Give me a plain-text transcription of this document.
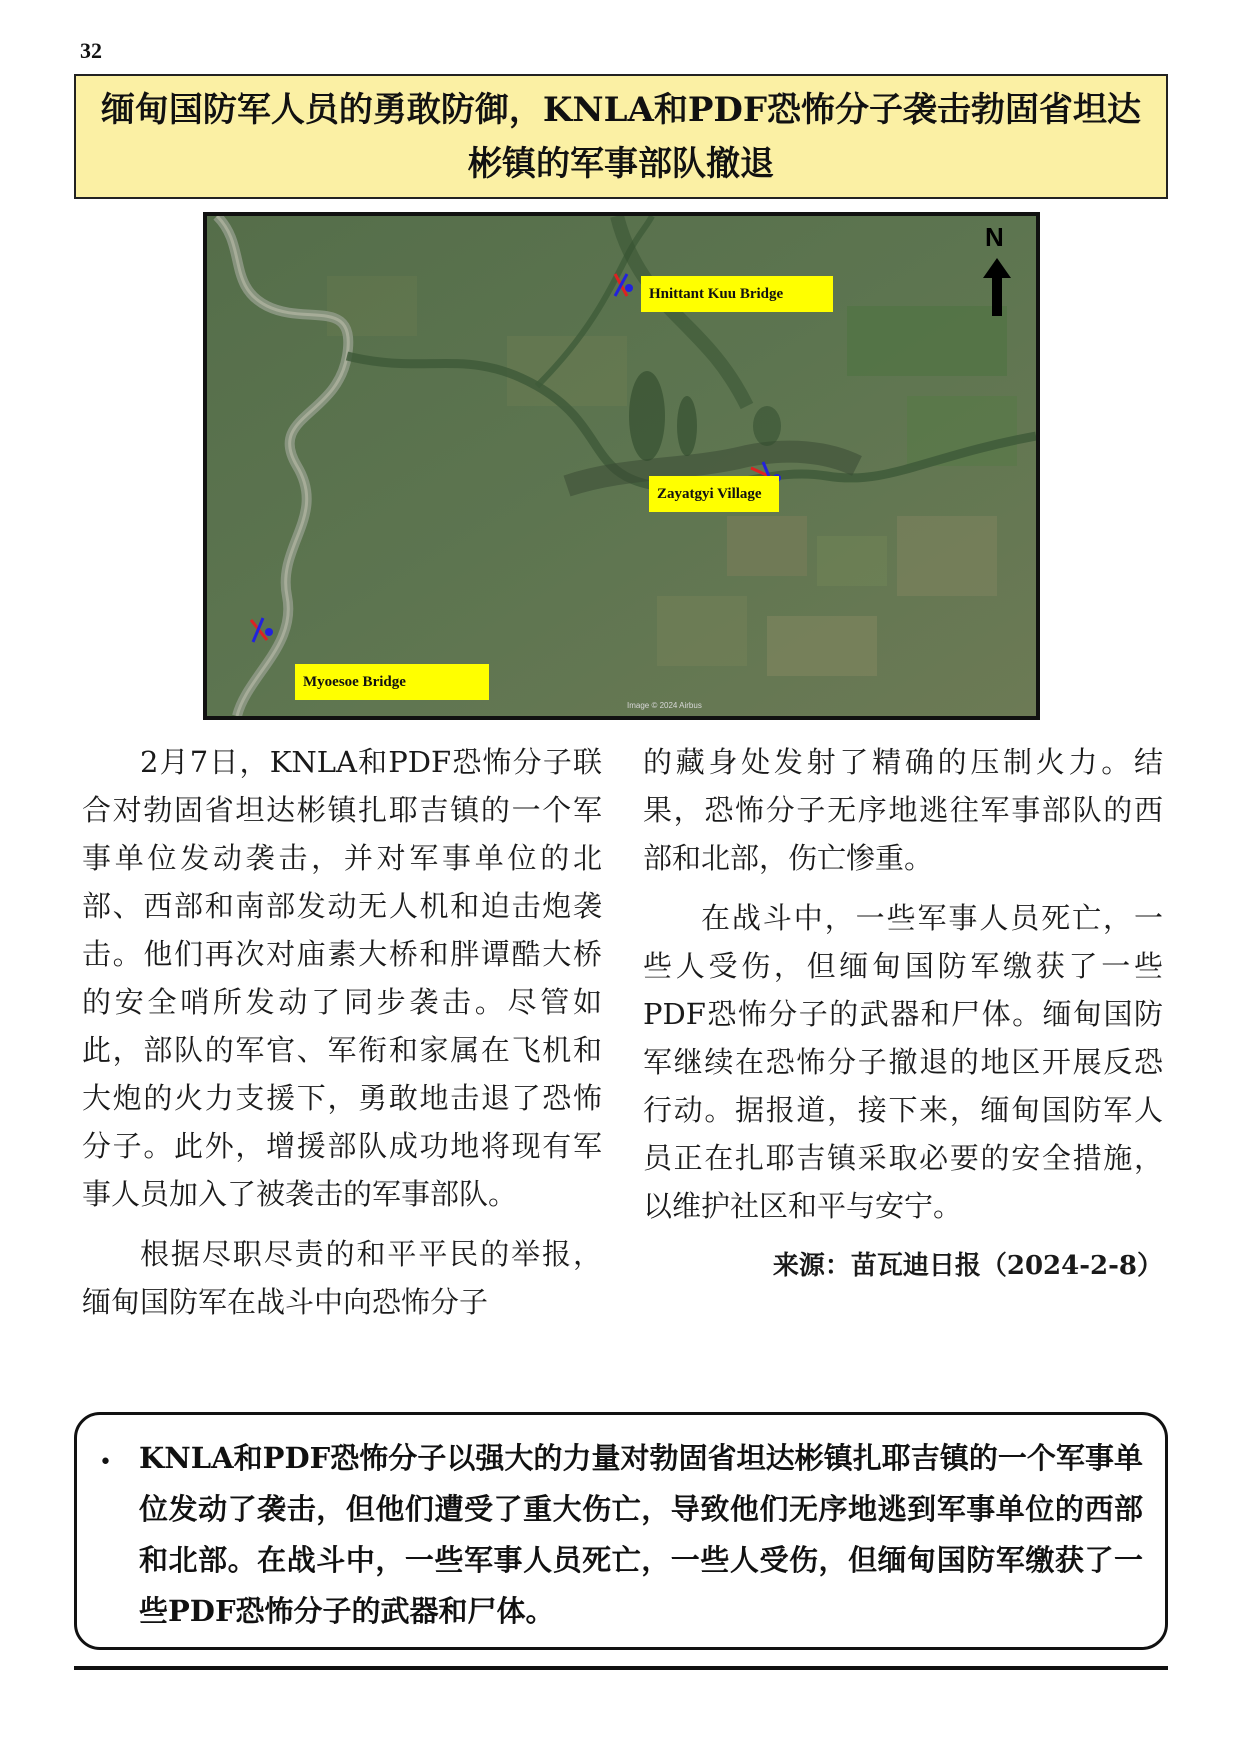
32
缅甸国防军人员的勇敢防御，KNLA和PDF恐怖分子袭击勃固省坦达彬镇的军事部队撤退
Hnittant Kuu Bridge
Zayatgyi Village
Myoesoe Bridge
N
Image © 2024 Airbus

2月7日，KNLA和PDF恐怖分子联合对勃固省坦达彬镇扎耶吉镇的一个军事单位发动袭击，并对军事单位的北部、西部和南部发动无人机和迫击炮袭击。他们再次对庙素大桥和胖谭酷大桥的安全哨所发动了同步袭击。尽管如此，部队的军官、军衔和家属在飞机和大炮的火力支援下，勇敢地击退了恐怖分子。此外，增援部队成功地将现有军事人员加入了被袭击的军事部队。

根据尽职尽责的和平平民的举报，缅甸国防军在战斗中向恐怖分子

的藏身处发射了精确的压制火力。结果，恐怖分子无序地逃往军事部队的西部和北部，伤亡惨重。

在战斗中，一些军事人员死亡，一些人受伤，但缅甸国防军缴获了一些PDF恐怖分子的武器和尸体。缅甸国防军继续在恐怖分子撤退的地区开展反恐行动。据报道，接下来，缅甸国防军人员正在扎耶吉镇采取必要的安全措施，以维护社区和平与安宁。

来源：苗瓦迪日报（2024-2-8）
• KNLA和PDF恐怖分子以强大的力量对勃固省坦达彬镇扎耶吉镇的一个军事单位发动了袭击，但他们遭受了重大伤亡，导致他们无序地逃到军事单位的西部和北部。在战斗中，一些军事人员死亡，一些人受伤，但缅甸国防军缴获了一些PDF恐怖分子的武器和尸体。
